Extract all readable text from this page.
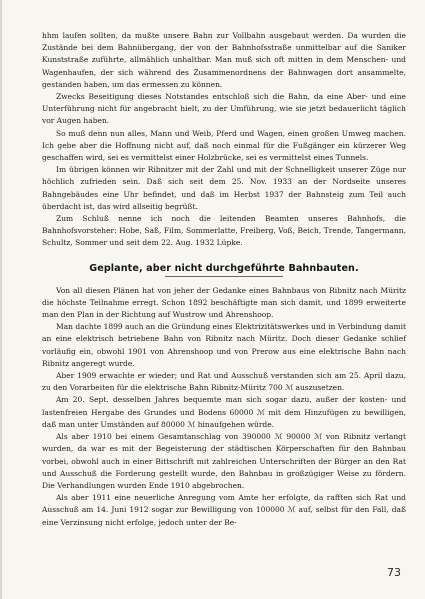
hhm laufen sollten, da mußte unsere Bahn zur Vollbahn ausgebaut werden. Da wurden die Zustände bei dem Bahnübergang, der von der Bahnhofsstraße unmittelbar auf die Saniker Kunststraße zuführte, allmählich unhaltbar. Man muß sich oft mitten in dem Menschen- und Wagenhaufen, der sich während des Zusammenordnens der Bahnwagen dort ansammelte, gestanden haben, um das ermessen zu können.

Zwecks Beseitigung dieses Notstandes entschloß sich die Bahn, da eine Aber- und eine Unterführung nicht für angebracht hielt, zu der Umführung, wie sie jetzt bedauerlicht täglich vor Augen haben.

So muß denn nun alles, Mann und Weib, Pferd und Wagen, einen großen Umweg machen. Ich gebe aber die Hoffnung nicht auf, daß noch einmal für die Fußgänger ein kürzerer Weg geschaffen wird, sei es vermittelst einer Holzbrücke, sei es vermittelst eines Tunnels.

Im übrigen können wir Ribnitzer mit der Zahl und mit der Schnelligkeit unserer Züge nur höchlich zufrieden sein. Daß sich seit dem 25. Nov. 1933 an der Nordseite unseres Bahngebäudes eine Uhr befindet, und daß im Herbst 1937 der Bahnsteig zum Teil auch überdacht ist, das wird allseitig begrüßt.

Zum Schluß nenne ich noch die leitenden Beamten unseres Bahnhofs, die Bahnhofsvorsteher: Hobe, Saß, Film, Sommerlatte, Freiberg, Voß, Beich, Trende, Tangermann, Schultz, Sommer und seit dem 22. Aug. 1932 Lüpke.

Geplante, aber nicht durchgeführte Bahnbauten.

Von all diesen Plänen hat von jeher der Gedanke eines Bahnbaus von Ribnitz nach Müritz die höchste Teilnahme erregt. Schon 1892 beschäftigte man sich damit, und 1899 erweiterte man den Plan in der Richtung auf Wustrow und Ahrenshoop.

Man dachte 1899 auch an die Gründung eines Elektrizitätswerkes und in Verbindung damit an eine elektrisch betriebene Bahn von Ribnitz nach Müritz. Doch dieser Gedanke schlief vorläufig ein, obwohl 1901 von Ahrenshoop und von Prerow aus eine elektrische Bahn nach Ribnitz angeregt wurde.

Aber 1909 erwachte er wieder; und Rat und Ausschuß verstanden sich am 25. April dazu, zu den Vorarbeiten für die elektrische Bahn Ribnitz-Müritz 700 ℳ auszusetzen.

Am 20. Sept. desselben Jahres bequemte man sich sogar dazu, außer der kosten- und lastenfreien Hergabe des Grundes und Bodens 60000 ℳ mit dem Hinzufügen zu bewilligen, daß man unter Umständen auf 80000 ℳ hinaufgehen würde.

Als aber 1910 bei einem Gesamtanschlag von 390000 ℳ 90000 ℳ von Ribnitz verlangt wurden, da war es mit der Begeisterung der städtischen Körperschaften für den Bahnbau vorbei, obwohl auch in einer Bittschrift mit zahlreichen Unterschriften der Bürger an den Rat und Ausschuß die Forderung gestellt wurde, den Bahnbau in großzügiger Weise zu fördern. Die Verhandlungen wurden Ende 1910 abgebrochen.

Als aber 1911 eine neuerliche Anregung vom Amte her erfolgte, da rafften sich Rat und Ausschuß am 14. Juni 1912 sogar zur Bewilligung von 100000 ℳ auf, selbst für den Fall, daß eine Verzinsung nicht erfolge, jedoch unter der Be-

73
